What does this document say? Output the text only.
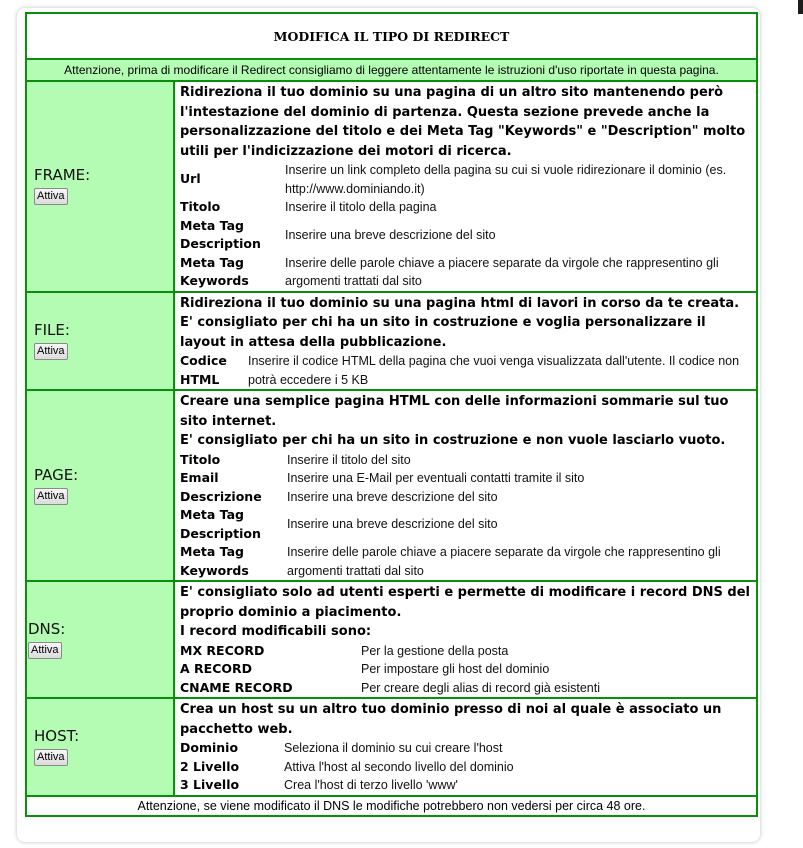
MODIFICA IL TIPO DI REDIRECT
Attenzione, prima di modificare il Redirect consigliamo di leggere attentamente le istruzioni d'uso riportate in questa pagina.

FRAME:
Attiva	
Ridireziona il tuo dominio su una pagina di un altro sito mantenendo però l'intestazione del dominio di partenza. Questa sezione prevede anche la personalizzazione del titolo e dei Meta Tag "Keywords" e "Description" molto utili per l'indicizzazione dei motori di ricerca.
Url	Inserire un link completo della pagina su cui si vuole ridirezionare il dominio (es. http://www.dominiando.it)
Titolo	Inserire il titolo della pagina
Meta Tag Description	Inserire una breve descrizione del sito
Meta Tag Keywords	Inserire delle parole chiave a piacere separate da virgole che rappresentino gli argomenti trattati dal sito

FILE:
Attiva	
Ridireziona il tuo dominio su una pagina html di lavori in corso da te creata.
E' consigliato per chi ha un sito in costruzione e voglia personalizzare il layout in attesa della pubblicazione.
Codice HTML	Inserire il codice HTML della pagina che vuoi venga visualizzata dall'utente. Il codice non potrà eccedere i 5 KB

PAGE:
Attiva	
Creare una semplice pagina HTML con delle informazioni sommarie sul tuo sito internet.
E' consigliato per chi ha un sito in costruzione e non vuole lasciarlo vuoto.
Titolo	Inserire il titolo del sito
Email	Inserire una E-Mail per eventuali contatti tramite il sito
Descrizione	Inserire una breve descrizione del sito
Meta Tag Description	Inserire una breve descrizione del sito
Meta Tag Keywords	Inserire delle parole chiave a piacere separate da virgole che rappresentino gli argomenti trattati dal sito

DNS:
Attiva	
E' consigliato solo ad utenti esperti e permette di modificare i record DNS del proprio dominio a piacimento.
I record modificabili sono:
MX RECORD	Per la gestione della posta
A RECORD	Per impostare gli host del dominio
CNAME RECORD	Per creare degli alias di record già esistenti

HOST:
Attiva	
Crea un host su un altro tuo dominio presso di noi al quale è associato un pacchetto web.
Dominio	Seleziona il dominio su cui creare l'host
2 Livello	Attiva l'host al secondo livello del dominio
3 Livello	Crea l'host di terzo livello 'www'

Attenzione, se viene modificato il DNS le modifiche potrebbero non vedersi per circa 48 ore.
